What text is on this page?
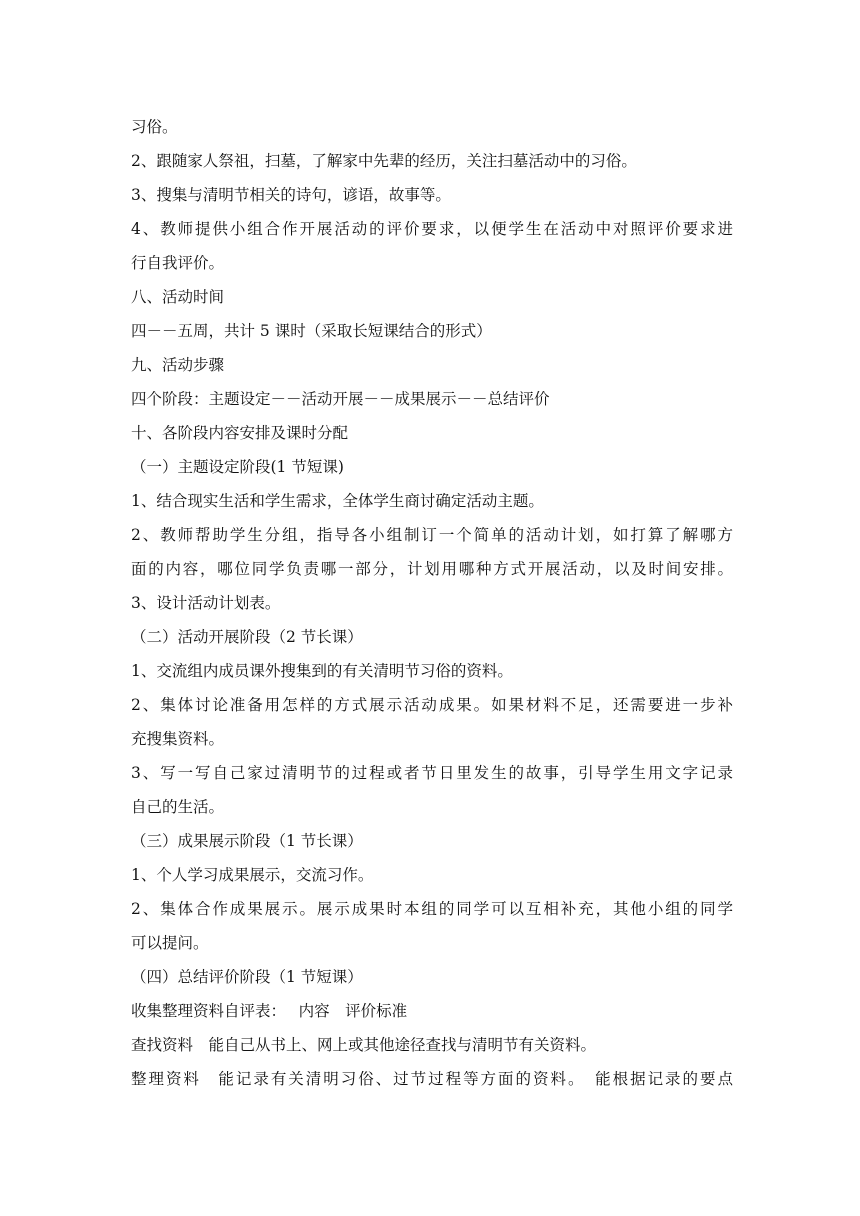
习俗。
2、跟随家人祭祖，扫墓，了解家中先辈的经历，关注扫墓活动中的习俗。
3、搜集与清明节相关的诗句，谚语，故事等。
4、教师提供小组合作开展活动的评价要求，以便学生在活动中对照评价要求进
行自我评价。
八、活动时间
四－－五周，共计 5 课时（采取长短课结合的形式）
九、活动步骤
四个阶段：主题设定－－活动开展－－成果展示－－总结评价
十、各阶段内容安排及课时分配
（一）主题设定阶段(1 节短课)
1、结合现实生活和学生需求，全体学生商讨确定活动主题。
2、教师帮助学生分组，指导各小组制订一个简单的活动计划，如打算了解哪方
面的内容，哪位同学负责哪一部分，计划用哪种方式开展活动，以及时间安排。
3、设计活动计划表。
（二）活动开展阶段（2 节长课）
1、交流组内成员课外搜集到的有关清明节习俗的资料。
2、集体讨论准备用怎样的方式展示活动成果。如果材料不足，还需要进一步补
充搜集资料。
3、写一写自己家过清明节的过程或者节日里发生的故事，引导学生用文字记录
自己的生活。
（三）成果展示阶段（1 节长课）
1、个人学习成果展示，交流习作。
2、集体合作成果展示。展示成果时本组的同学可以互相补充，其他小组的同学
可以提问。
（四）总结评价阶段（1 节短课）
收集整理资料自评表：　 内容　评价标准
查找资料　能自己从书上、网上或其他途径查找与清明节有关资料。
整理资料　能记录有关清明习俗、过节过程等方面的资料。　能根据记录的要点
